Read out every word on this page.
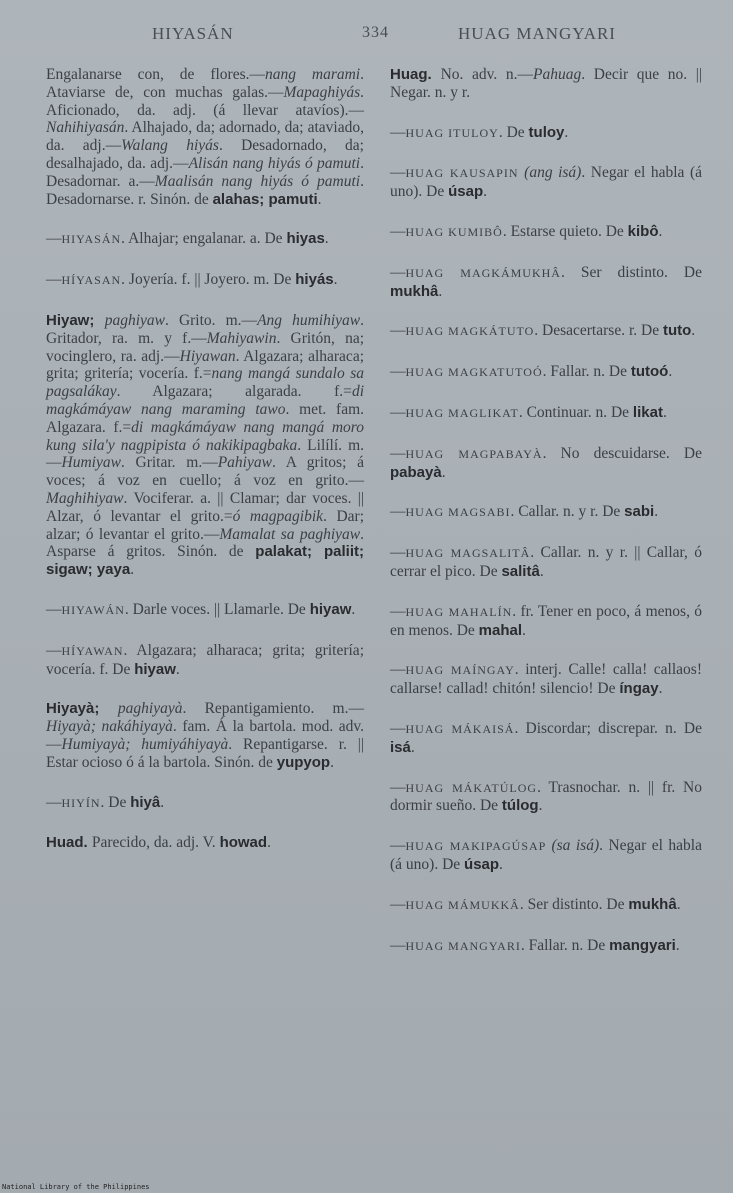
HIYASÁN	334	HUAG MANGYARI

Engalanarse con, de flores.—nang marami. Ataviarse de, con muchas galas.—Mapaghiyás. Aficionado, da. adj. (á llevar atavíos).—Nahihiyasán. Alhajado, da; adornado, da; ataviado, da. adj.—Walang hiyás. Desadornado, da; desalhajado, da. adj.—Alisán nang hiyás ó pamuti. Desadornar. a.—Maalisán nang hiyás ó pamuti. Desadornarse. r. Sinón. de alahas; pamuti.

—HIYASÁN. Alhajar; engalanar. a. De hiyas.

—HÍYASAN. Joyería. f. || Joyero. m. De hiyás.

Hiyaw; paghiyaw. Grito. m.—Ang humihiyaw. Gritador, ra. m. y f.—Mahiyawin. Gritón, na; vocinglero, ra. adj.—Hiyawan. Algazara; alharaca; grita; gritería; vocería. f.=nang mangá sundalo sa pagsalákay. Algazara; algarada. f.=di magkámáyaw nang maraming tawo. met. fam. Algazara. f.=di magkámáyaw nang mangá moro kung sila'y nagpipista ó nakikipagbaka. Lilílí. m.—Humiyaw. Gritar. m.—Pahiyaw. A gritos; á voces; á voz en cuello; á voz en grito.—Maghihiyaw. Vociferar. a. || Clamar; dar voces. || Alzar, ó levantar el grito.=ó magpagibik. Dar; alzar; ó levantar el grito.—Mamalat sa paghiyaw. Asparse á gritos. Sinón. de palakat; paliit; sigaw; yaya.

—HIYAWÁN. Darle voces. || Llamarle. De hiyaw.

—HÍYAWAN. Algazara; alharaca; grita; gritería; vocería. f. De hiyaw.

Hiyayà; paghiyayà. Repantigamiento. m.—Hiyayà; nakáhiyayà. fam. Á la bartola. mod. adv.—Humiyayà; humiyáhiyayà. Repantigarse. r. || Estar ocioso ó á la bartola. Sinón. de yupyop.

—HIYÍN. De hiyâ.

Huad. Parecido, da. adj. V. howad.

Huag. No. adv. n.—Pahuag. Decir que no. || Negar. n. y r.

—HUAG ITULOY. De tuloy.

—HUAG KAUSAPIN (ang isá). Negar el habla (á uno). De úsap.

—HUAG KUMIBÔ. Estarse quieto. De kibô.

—HUAG MAGKÁMUKHÂ. Ser distinto. De mukhâ.

—HUAG MAGKÁTUTO. Desacertarse. r. De tuto.

—HUAG MAGKATUTOÓ. Fallar. n. De tutoó.

—HUAG MAGLIKAT. Continuar. n. De likat.

—HUAG MAGPABAYÀ. No descuidarse. De pabayà.

—HUAG MAGSABI. Callar. n. y r. De sabi.

—HUAG MAGSALITÂ. Callar. n. y r. || Callar, ó cerrar el pico. De salitâ.

—HUAG MAHALÍN. fr. Tener en poco, á menos, ó en menos. De mahal.

—HUAG MAÍNGAY. interj. Calle! calla! callaos! callarse! callad! chitón! silencio! De íngay.

—HUAG MÁKAISÁ. Discordar; discrepar. n. De isá.

—HUAG MÁKATÚLOG. Trasnochar. n. || fr. No dormir sueño. De túlog.

—HUAG MAKIPAGÚSAP (sa isá). Negar el habla (á uno). De úsap.

—HUAG MÁMUKKÂ. Ser distinto. De mukhâ.

—HUAG MANGYARI. Fallar. n. De mangyari.

National Library of the Philippines
